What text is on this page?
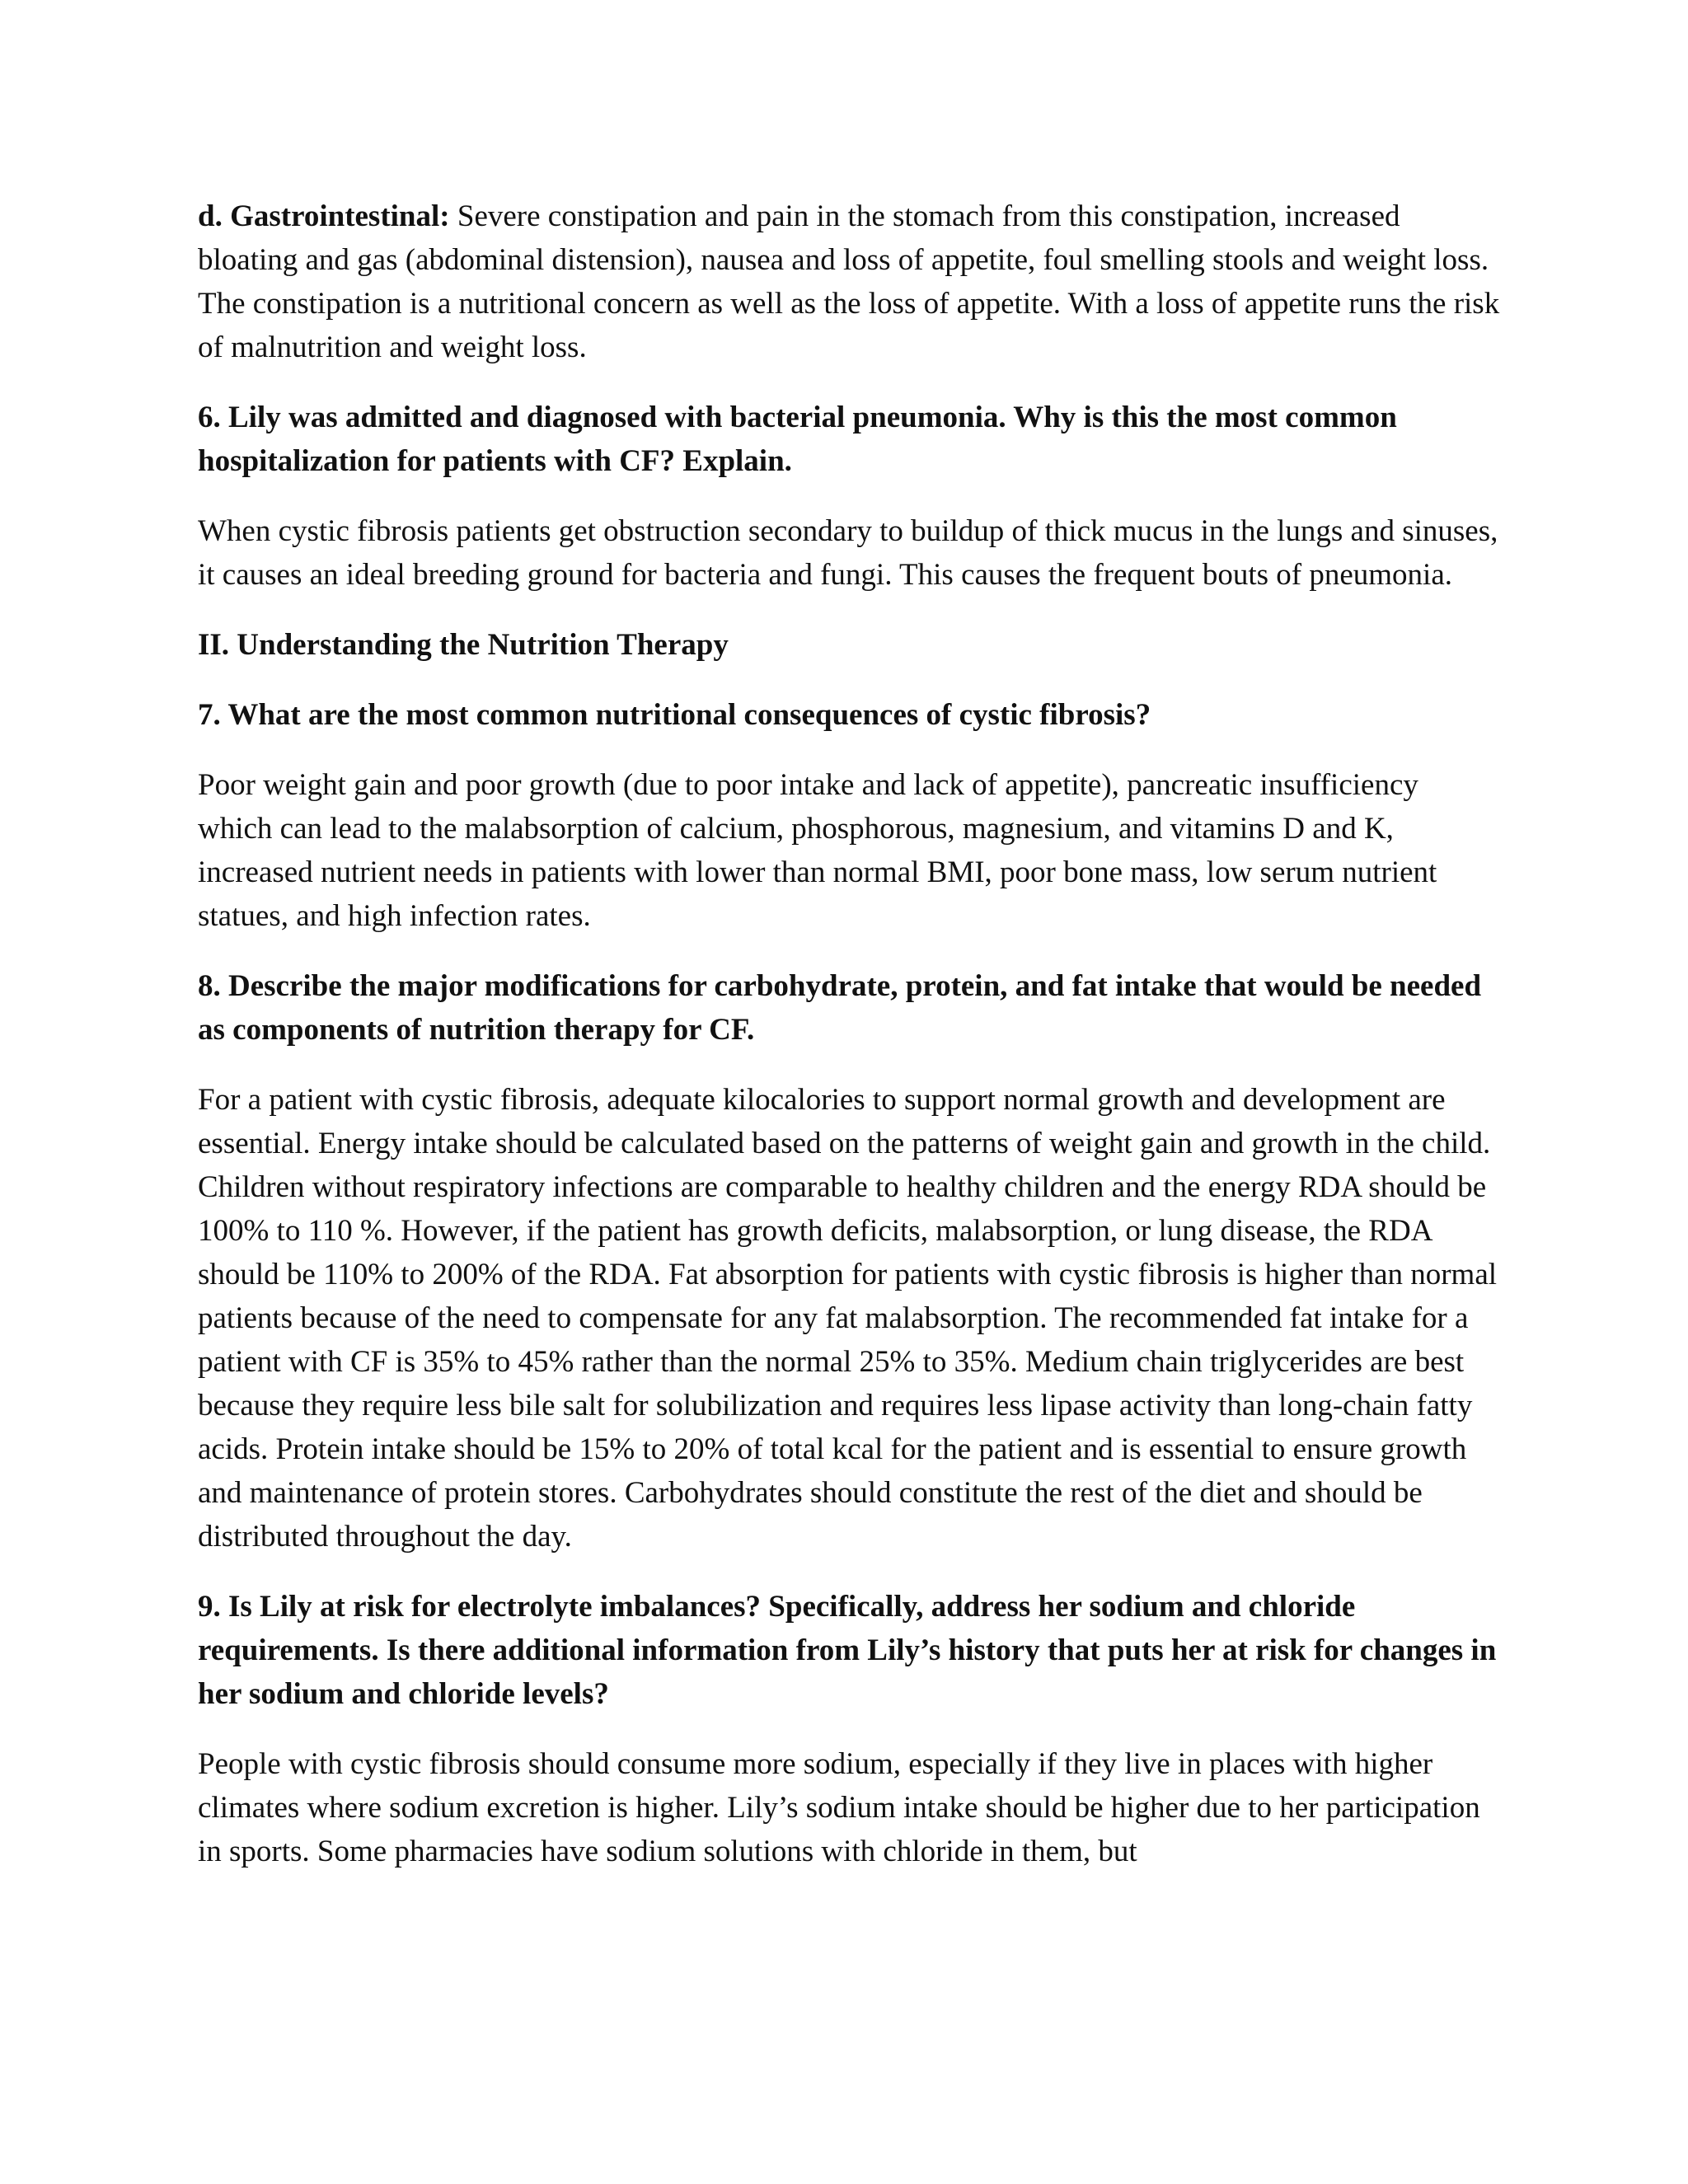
d. Gastrointestinal: Severe constipation and pain in the stomach from this constipation, increased bloating and gas (abdominal distension), nausea and loss of appetite, foul smelling stools and weight loss. The constipation is a nutritional concern as well as the loss of appetite. With a loss of appetite runs the risk of malnutrition and weight loss.

6. Lily was admitted and diagnosed with bacterial pneumonia. Why is this the most common hospitalization for patients with CF? Explain.

When cystic fibrosis patients get obstruction secondary to buildup of thick mucus in the lungs and sinuses, it causes an ideal breeding ground for bacteria and fungi. This causes the frequent bouts of pneumonia.

II. Understanding the Nutrition Therapy

7. What are the most common nutritional consequences of cystic fibrosis?

Poor weight gain and poor growth (due to poor intake and lack of appetite), pancreatic insufficiency which can lead to the malabsorption of calcium, phosphorous, magnesium, and vitamins D and K, increased nutrient needs in patients with lower than normal BMI, poor bone mass, low serum nutrient statues, and high infection rates.

8. Describe the major modifications for carbohydrate, protein, and fat intake that would be needed as components of nutrition therapy for CF.

For a patient with cystic fibrosis, adequate kilocalories to support normal growth and development are essential. Energy intake should be calculated based on the patterns of weight gain and growth in the child. Children without respiratory infections are comparable to healthy children and the energy RDA should be 100% to 110 %. However, if the patient has growth deficits, malabsorption, or lung disease, the RDA should be 110% to 200% of the RDA. Fat absorption for patients with cystic fibrosis is higher than normal patients because of the need to compensate for any fat malabsorption. The recommended fat intake for a patient with CF is 35% to 45% rather than the normal 25% to 35%. Medium chain triglycerides are best because they require less bile salt for solubilization and requires less lipase activity than long-chain fatty acids. Protein intake should be 15% to 20% of total kcal for the patient and is essential to ensure growth and maintenance of protein stores. Carbohydrates should constitute the rest of the diet and should be distributed throughout the day.

9. Is Lily at risk for electrolyte imbalances? Specifically, address her sodium and chloride requirements. Is there additional information from Lily’s history that puts her at risk for changes in her sodium and chloride levels?

People with cystic fibrosis should consume more sodium, especially if they live in places with higher climates where sodium excretion is higher. Lily’s sodium intake should be higher due to her participation in sports. Some pharmacies have sodium solutions with chloride in them, but
